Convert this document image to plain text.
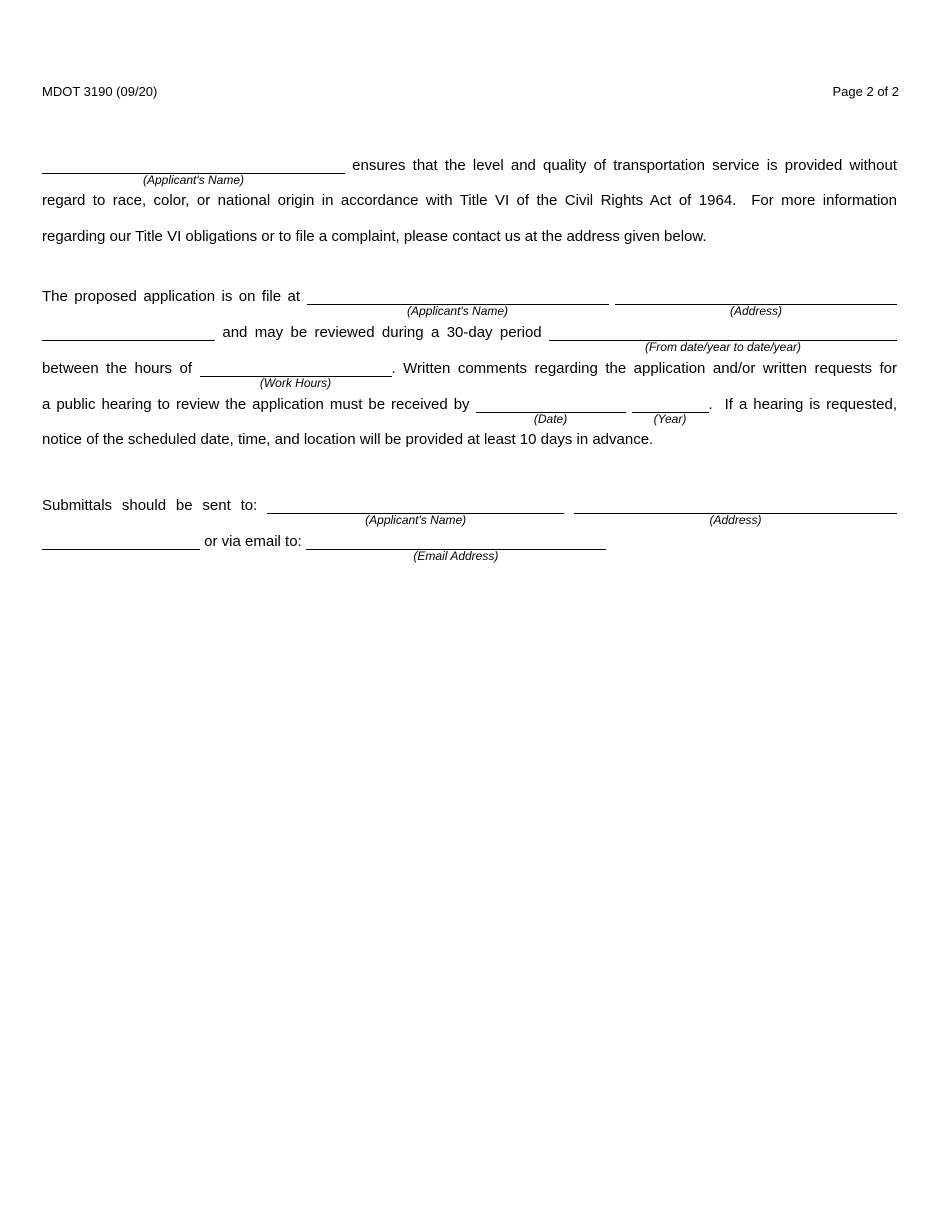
MDOT 3190 (09/20)	Page 2 of 2
(Applicant's Name)
ensures that the level and quality of transportation service is provided without
regard to race, color, or national origin in accordance with Title VI of the Civil Rights Act of 1964.  For more information
regarding our Title VI obligations or to file a complaint, please contact us at the address given below.
The proposed application is on file at
(Applicant's Name)
	(Address)
and may be reviewed during a 30-day period
(From date/year to date/year)
between the hours of
(Work Hours)
. Written comments regarding the application and/or written requests for
a public hearing to review the application must be received by
(Date)
	(Year)
.  If a hearing is requested,
notice of the scheduled date, time, and location will be provided at least 10 days in advance.
Submittals should be sent to:
(Applicant's Name)
	(Address)
or via email to:
(Email Address)
